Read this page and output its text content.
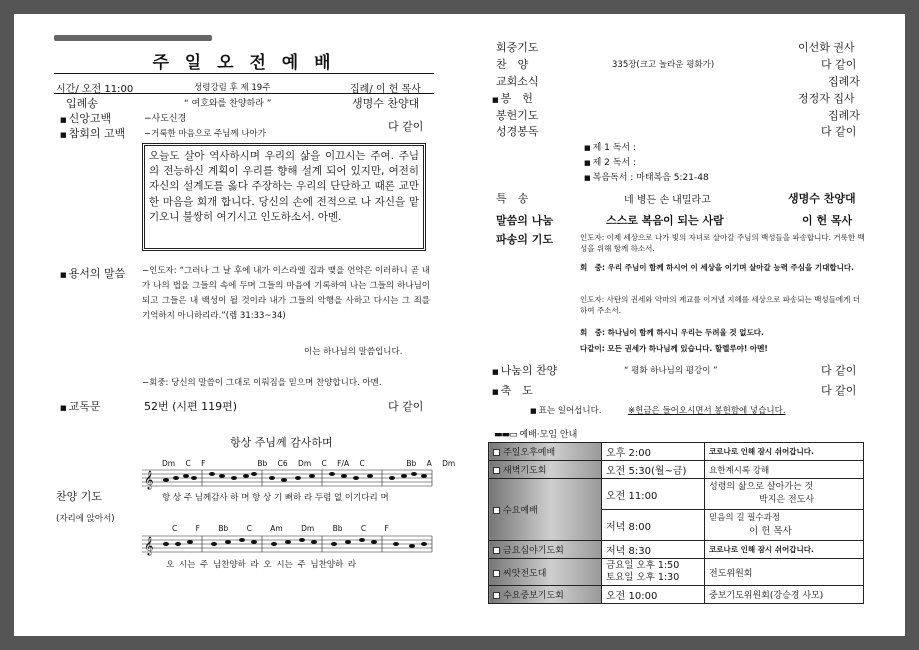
주 일 오 전 예 배
시간/ 오전 11:00	성령강림 후 제 19주	집례/ 이 헌 목사
입례송	“ 여호와를 찬양하라 ”	생명수 찬양대
■ 신앙고백	−사도신경
■ 참회의 고백 −거룩한 마음으로 주님께 나아가
다 같이
오늘도 살아 역사하시며 우리의 삶을 이끄시는 주여. 주님의 전능하신 계획이 우리를 향해 설계 되어 있지만, 여전히 자신의 설계도를 옳다 주장하는 우리의 단단하고 때론 교만한 마음을 회개 합니다. 당신의 손에 전적으로 나 자신을 맡기오니 불쌍히 여기시고 인도하소서. 아멘.
■ 용서의 말씀 −인도자: “그러나 그 날 후에 내가 이스라엘 집과 맺을 언약은 이러하니 곧 내가 나의 법을 그들의 속에 두며 그들의 마음에 기록하여 나는 그들의 하나님이 되고 그들은 내 백성이 될 것이라 내가 그들의 악행을 사하고 다시는 그 죄를 기억하지 아니하리라.”(렘 31:33~34)
이는 하나님의 말씀입니다.
−회중: 당신의 말씀이 그대로 이뤄짐을 믿으며 찬양합니다. 아멘.
■ 교독문	52번 (시편 119편)	다 같이
찬양 기도
(자리에 앉아서)
항상 주님께 감사하며
𝄞
𝄞
Dm C F	Bb C6 Dm C F/A C	Bb A Dm
항 상 주 님께감사 하 며 항 상 기 뻐하 라 두렴 없 이기다리 며
C F Bb C Am Dm Bb C F
오 시는 주 님찬양하 라 오 시는 주 님찬양하 라
회중기도	이선화 권사
찬　양	335장(크고 놀라운 평화가)	다 같이
교회소식	집례자
■ 봉　헌	정정자 집사
봉헌기도	집례자
성경봉독	다 같이
■ 제 1 독서 :
■ 제 2 독서 :
■ 복음독서 : 마태복음 5:21-48
특　송	네 병든 손 내밀라고	생명수 찬양대
말씀의 나눔	스스로 복음이 되는 사람	이 헌 목사
파송의 기도	인도자: 이제 세상으로 나가 빛의 자녀로 살아갈 주님의 백성들을 파송합니다. 거룩한 백성을 위해 함께 하소서.
회　중: 우리 주님이 함께 하시어 이 세상을 이기며 살아갈 능력 주심을 기대합니다.
인도자: 사탄의 권세와 악마의 계교를 이겨낼 지혜를 세상으로 파송되는 백성들에게 더하여 주소서.
회　중: 하나님이 함께 하시니 우리는 두려울 것 없도다.
다같이: 모든 권세가 하나님께 있습니다. 할렐루야! 아멘!
■ 나눔의 찬양	“ 평화 하나님의 평강이 ”	다 같이
■ 축　도	다 같이
■ 표는 일어섭니다.	※헌금은 들어오시면서 봉헌함에 넣습니다.
▬▬▭ 예배·모임 안내
주일오후예배	오후 2:00	코로나로 인해 잠시 쉬어갑니다.
새벽기도회	오전 5:30(월~금)	요한계시록 강해
수요예배	오전 11:00	성령의 삶으로 살아가는 것
박지은 전도사
	저녁 8:00	믿음의 길 필수과정
이 헌 목사
금요심야기도회	저녁 8:30	코로나로 인해 잠시 쉬어갑니다.
씨앗전도대	금요일 오후 1:50
토요일 오후 1:30	전도위원회
수요중보기도회	오전 10:00	중보기도위원회(강승경 사모)
